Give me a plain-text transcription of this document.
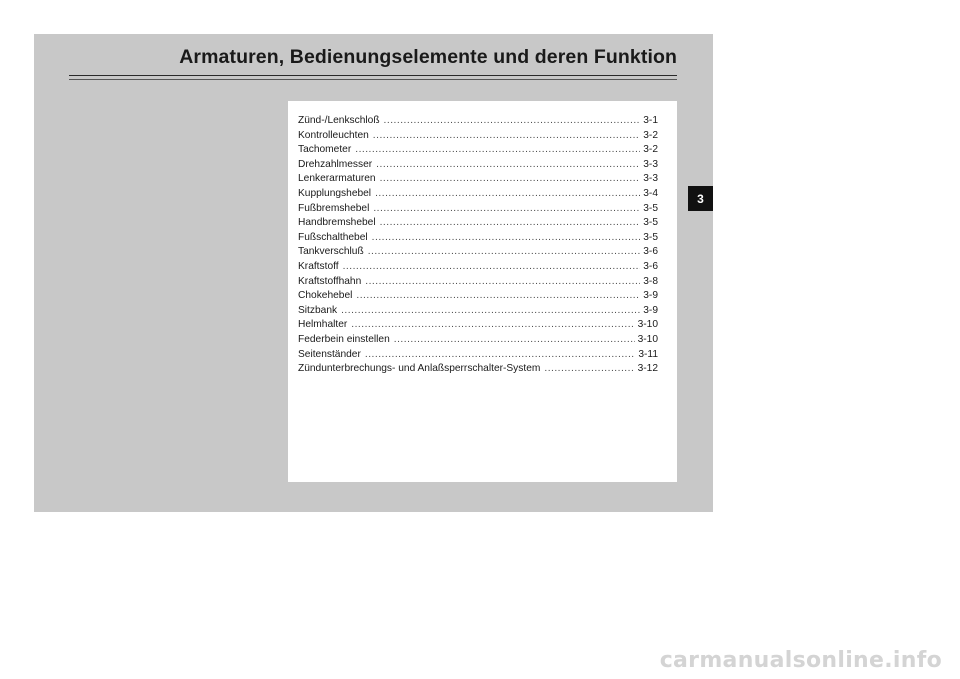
Armaturen, Bedienungselemente und deren Funktion
Zünd-/Lenkschloß .....	3-1
Kontrolleuchten .....	3-2
Tachometer .....	3-2
Drehzahlmesser .....	3-3
Lenkerarmaturen .....	3-3
Kupplungshebel .....	3-4
Fußbremshebel .....	3-5
Handbremshebel .....	3-5
Fußschalthebel .....	3-5
Tankverschluß .....	3-6
Kraftstoff .....	3-6
Kraftstoffhahn .....	3-8
Chokehebel .....	3-9
Sitzbank .....	3-9
Helmhalter .....	3-10
Federbein einstellen .....	3-10
Seitenständer .....	3-11
Zündunterbrechungs- und Anlaßsperrschalter-System .....	3-12
3
carmanualsonline.info
